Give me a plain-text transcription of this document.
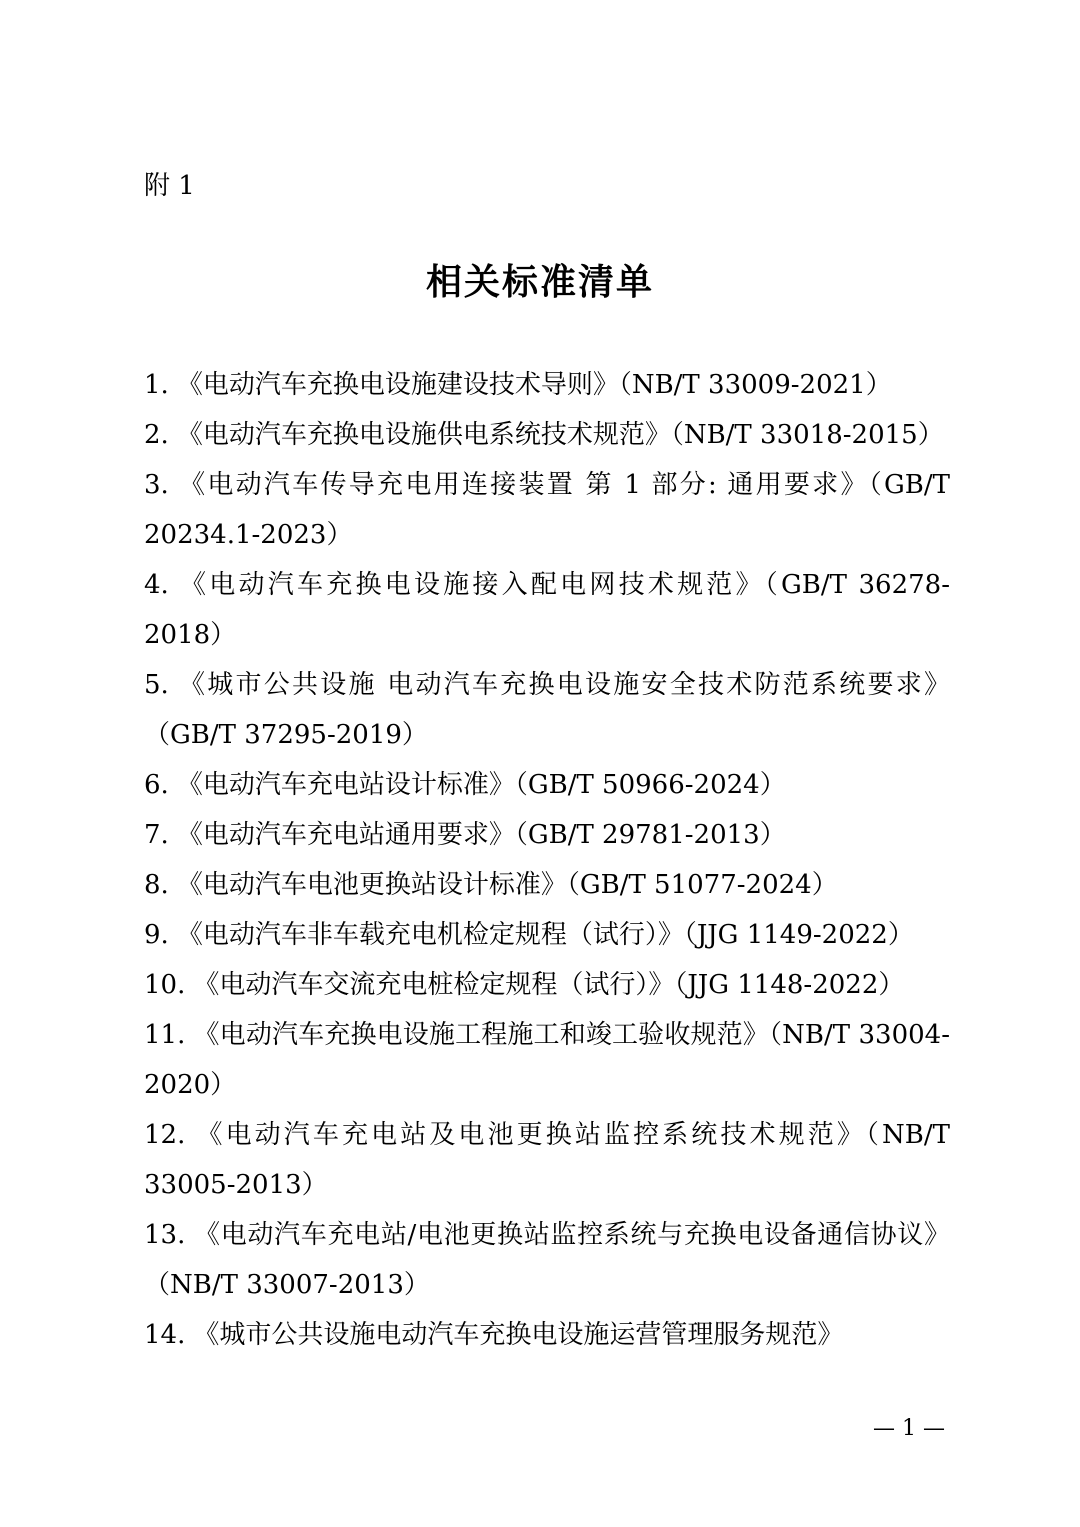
附 1
相关标准清单
1. 《电动汽车充换电设施建设技术导则》（NB/T 33009-2021）
2. 《电动汽车充换电设施供电系统技术规范》（NB/T 33018-2015）
3. 《电动汽车传导充电用连接装置 第 1 部分: 通用要求》（GB/T 20234.1-2023）
4. 《电动汽车充换电设施接入配电网技术规范》（GB/T 36278-2018）
5. 《城市公共设施 电动汽车充换电设施安全技术防范系统要求》（GB/T 37295-2019）
6. 《电动汽车充电站设计标准》（GB/T 50966-2024）
7. 《电动汽车充电站通用要求》（GB/T 29781-2013）
8. 《电动汽车电池更换站设计标准》（GB/T 51077-2024）
9. 《电动汽车非车载充电机检定规程（试行）》（JJG 1149-2022）
10. 《电动汽车交流充电桩检定规程（试行）》（JJG 1148-2022）
11. 《电动汽车充换电设施工程施工和竣工验收规范》（NB/T 33004-2020）
12. 《电动汽车充电站及电池更换站监控系统技术规范》（NB/T 33005-2013）
13. 《电动汽车充电站/电池更换站监控系统与充换电设备通信协议》（NB/T 33007-2013）
14. 《城市公共设施电动汽车充换电设施运营管理服务规范》
— 1 —
